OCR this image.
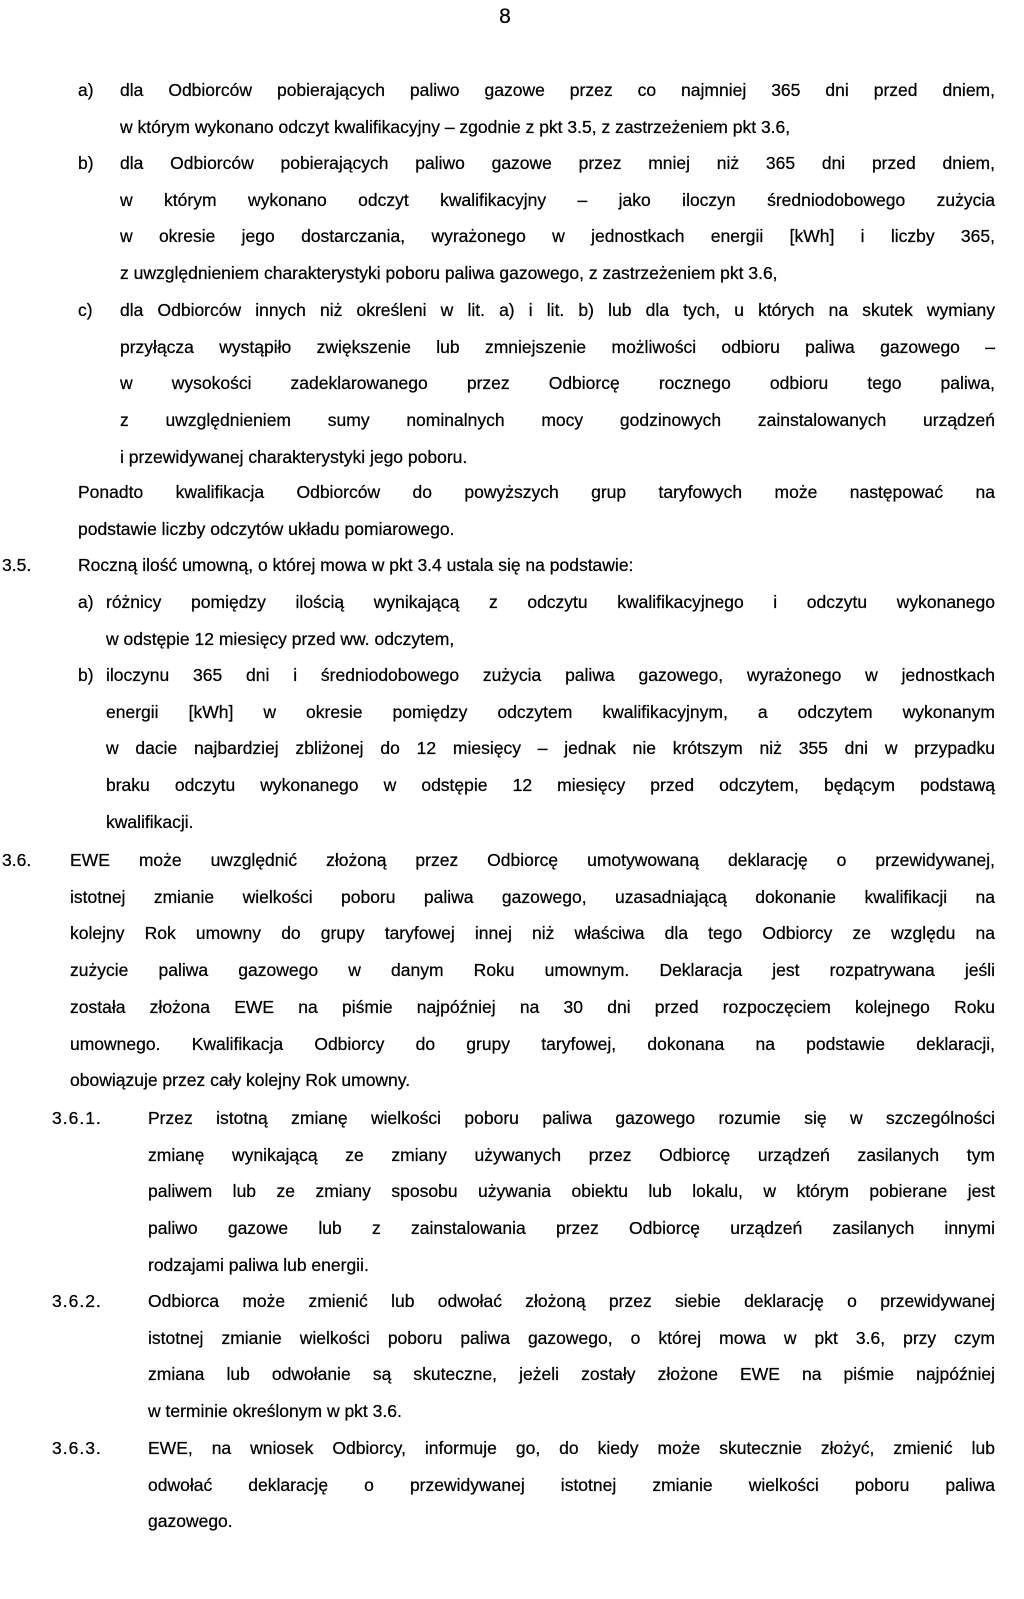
8
a) dla Odbiorców pobierających paliwo gazowe przez co najmniej 365 dni przed dniem,
w którym wykonano odczyt kwalifikacyjny – zgodnie z pkt 3.5, z zastrzeżeniem pkt 3.6,
b) dla Odbiorców pobierających paliwo gazowe przez mniej niż 365 dni przed dniem,
w którym wykonano odczyt kwalifikacyjny – jako iloczyn średniodobowego zużycia
w okresie jego dostarczania, wyrażonego w jednostkach energii [kWh] i liczby 365,
z uwzględnieniem charakterystyki poboru paliwa gazowego, z zastrzeżeniem pkt 3.6,
c) dla Odbiorców innych niż określeni w lit. a) i lit. b) lub dla tych, u których na skutek wymiany
przyłącza wystąpiło zwiększenie lub zmniejszenie możliwości odbioru paliwa gazowego –
w wysokości zadeklarowanego przez Odbiorcę rocznego odbioru tego paliwa,
z uwzględnieniem sumy nominalnych mocy godzinowych zainstalowanych urządzeń
i przewidywanej charakterystyki jego poboru.
Ponadto kwalifikacja Odbiorców do powyższych grup taryfowych może następować na
podstawie liczby odczytów układu pomiarowego.
3.5.	Roczną ilość umowną, o której mowa w pkt 3.4 ustala się na podstawie:
a) różnicy pomiędzy ilością wynikającą z odczytu kwalifikacyjnego i odczytu wykonanego
w odstępie 12 miesięcy przed ww. odczytem,
b) iloczynu 365 dni i średniodobowego zużycia paliwa gazowego, wyrażonego w jednostkach
energii [kWh] w okresie pomiędzy odczytem kwalifikacyjnym, a odczytem wykonanym
w dacie najbardziej zbliżonej do 12 miesięcy – jednak nie krótszym niż 355 dni w przypadku
braku odczytu wykonanego w odstępie 12 miesięcy przed odczytem, będącym podstawą
kwalifikacji.
3.6. EWE może uwzględnić złożoną przez Odbiorcę umotywowaną deklarację o przewidywanej,
istotnej zmianie wielkości poboru paliwa gazowego, uzasadniającą dokonanie kwalifikacji na
kolejny Rok umowny do grupy taryfowej innej niż właściwa dla tego Odbiorcy ze względu na
zużycie paliwa gazowego w danym Roku umownym. Deklaracja jest rozpatrywana jeśli
została złożona EWE na piśmie najpóźniej na 30 dni przed rozpoczęciem kolejnego Roku
umownego. Kwalifikacja Odbiorcy do grupy taryfowej, dokonana na podstawie deklaracji,
obowiązuje przez cały kolejny Rok umowny.
3.6.1.	Przez istotną zmianę wielkości poboru paliwa gazowego rozumie się w szczególności
zmianę wynikającą ze zmiany używanych przez Odbiorcę urządzeń zasilanych tym
paliwem lub ze zmiany sposobu używania obiektu lub lokalu, w którym pobierane jest
paliwo gazowe lub z zainstalowania przez Odbiorcę urządzeń zasilanych innymi
rodzajami paliwa lub energii.
3.6.2.	Odbiorca może zmienić lub odwołać złożoną przez siebie deklarację o przewidywanej
istotnej zmianie wielkości poboru paliwa gazowego, o której mowa w pkt 3.6, przy czym
zmiana lub odwołanie są skuteczne, jeżeli zostały złożone EWE na piśmie najpóźniej
w terminie określonym w pkt 3.6.
3.6.3.	EWE, na wniosek Odbiorcy, informuje go, do kiedy może skutecznie złożyć, zmienić lub
odwołać deklarację o przewidywanej istotnej zmianie wielkości poboru paliwa
gazowego.
